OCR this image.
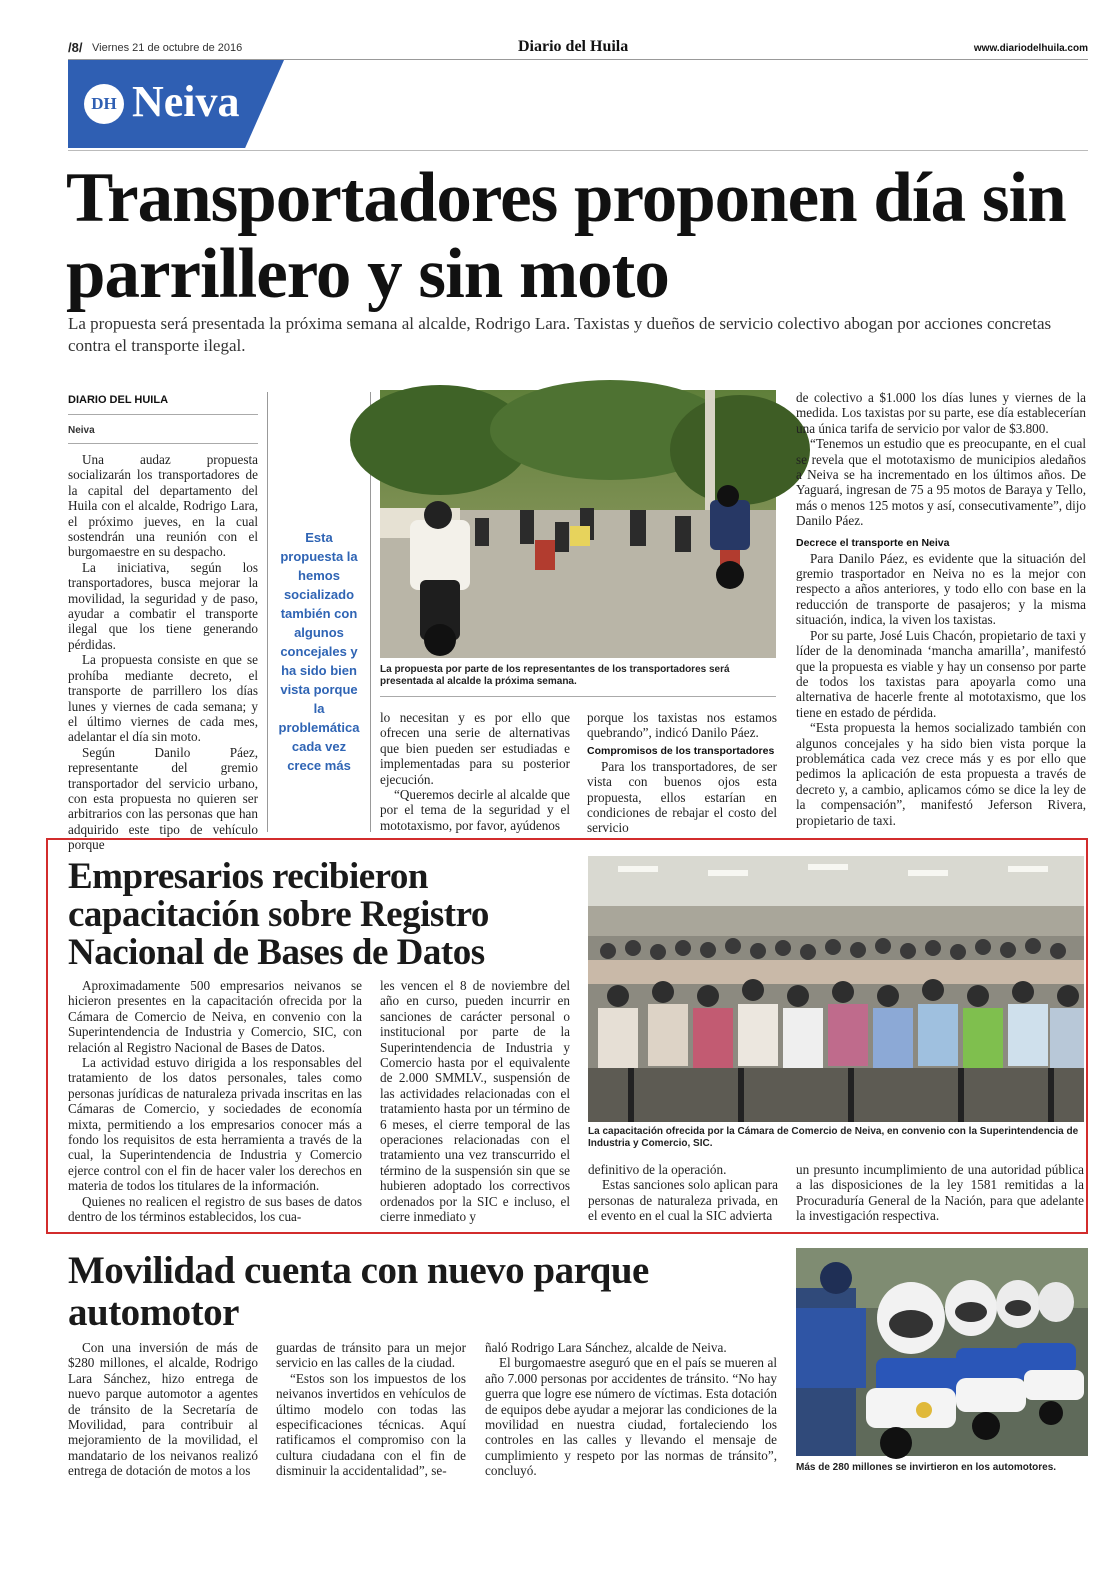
/8/ Viernes 21 de octubre de 2016	Diario del Huila	www.diariodelhuila.com
DH Neiva
Transportadores proponen día sin parrillero y sin moto
La propuesta será presentada la próxima semana al alcalde, Rodrigo Lara. Taxistas y dueños de servicio colectivo abogan por acciones concretas contra el transporte ilegal.
DIARIO DEL HUILA
Neiva

Una audaz propuesta socializarán los transportadores de la capital del departamento del Huila con el alcalde, Rodrigo Lara, el próximo jueves, en la cual sostendrán una reunión con el burgomaestre en su despacho.

La iniciativa, según los transportadores, busca mejorar la movilidad, la seguridad y de paso, ayudar a combatir el transporte ilegal que los tiene generando pérdidas.

La propuesta consiste en que se prohíba mediante decreto, el transporte de parrillero los días lunes y viernes de cada semana; y el último viernes de cada mes, adelantar el día sin moto.

Según Danilo Páez, representante del gremio transportador del servicio urbano, con esta propuesta no quieren ser arbitrarios con las personas que han adquirido este tipo de vehículo porque

Esta propuesta la hemos socializado también con algunos concejales y ha sido bien vista porque la problemática cada vez crece más
La propuesta por parte de los representantes de los transportadores será presentada al alcalde la próxima semana.

lo necesitan y es por ello que ofrecen una serie de alternativas que bien pueden ser estudiadas e implementadas para su posterior ejecución.

“Queremos decirle al alcalde que por el tema de la seguridad y el mototaxismo, por favor, ayúdenos

porque los taxistas nos estamos quebrando”, indicó Danilo Páez.

Compromisos de los transportadores

Para los transportadores, de ser vista con buenos ojos esta propuesta, ellos estarían en condiciones de rebajar el costo del servicio

de colectivo a $1.000 los días lunes y viernes de la medida. Los taxistas por su parte, ese día establecerían una única tarifa de servicio por valor de $3.800.

“Tenemos un estudio que es preocupante, en el cual se revela que el mototaxismo de municipios aledaños a Neiva se ha incrementado en los últimos años. De Yaguará, ingresan de 75 a 95 motos de Baraya y Tello, más o menos 125 motos y así, consecutivamente”, dijo Danilo Páez.

Decrece el transporte en Neiva

Para Danilo Páez, es evidente que la situación del gremio trasportador en Neiva no es la mejor con respecto a años anteriores, y todo ello con base en la reducción de transporte de pasajeros; y la misma situación, indica, la viven los taxistas.

Por su parte, José Luis Chacón, propietario de taxi y líder de la denominada ‘mancha amarilla’, manifestó que la propuesta es viable y hay un consenso por parte de todos los taxistas para apoyarla como una alternativa de hacerle frente al mototaxismo, que los tiene en estado de pérdida.

“Esta propuesta la hemos socializado también con algunos concejales y ha sido bien vista porque la problemática cada vez crece más y es por ello que pedimos la aplicación de esta propuesta a través de decreto y, a cambio, aplicamos cómo se dice la ley de la compensación”, manifestó Jeferson Rivera, propietario de taxi.

Empresarios recibieron capacitación sobre Registro Nacional de Bases de Datos

Aproximadamente 500 empresarios neivanos se hicieron presentes en la capacitación ofrecida por la Cámara de Comercio de Neiva, en convenio con la Superintendencia de Industria y Comercio, SIC, con relación al Registro Nacional de Bases de Datos.

La actividad estuvo dirigida a los responsables del tratamiento de los datos personales, tales como personas jurídicas de naturaleza privada inscritas en las Cámaras de Comercio, y sociedades de economía mixta, permitiendo a los empresarios conocer más a fondo los requisitos de esta herramienta a través de la cual, la Superintendencia de Industria y Comercio ejerce control con el fin de hacer valer los derechos en materia de todos los titulares de la información.

Quienes no realicen el registro de sus bases de datos dentro de los términos establecidos, los cua-

les vencen el 8 de noviembre del año en curso, pueden incurrir en sanciones de carácter personal o institucional por parte de la Superintendencia de Industria y Comercio hasta por el equivalente de 2.000 SMMLV., suspensión de las actividades relacionadas con el tratamiento hasta por un término de 6 meses, el cierre temporal de las operaciones relacionadas con el tratamiento una vez transcurrido el término de la suspensión sin que se hubieren adoptado los correctivos ordenados por la SIC e incluso, el cierre inmediato y

La capacitación ofrecida por la Cámara de Comercio de Neiva, en convenio con la Superintendencia de Industria y Comercio, SIC.

definitivo de la operación.

Estas sanciones solo aplican para personas de naturaleza privada, en el evento en el cual la SIC advierta

un presunto incumplimiento de una autoridad pública a las disposiciones de la ley 1581 remitidas a la Procuraduría General de la Nación, para que adelante la investigación respectiva.

Movilidad cuenta con nuevo parque automotor

Con una inversión de más de $280 millones, el alcalde, Rodrigo Lara Sánchez, hizo entrega de nuevo parque automotor a agentes de tránsito de la Secretaría de Movilidad, para contribuir al mejoramiento de la movilidad, el mandatario de los neivanos realizó entrega de dotación de motos a los

guardas de tránsito para un mejor servicio en las calles de la ciudad.

“Estos son los impuestos de los neivanos invertidos en vehículos de último modelo con todas las especificaciones técnicas. Aquí ratificamos el compromiso con la cultura ciudadana con el fin de disminuir la accidentalidad”, se-

ñaló Rodrigo Lara Sánchez, alcalde de Neiva.

El burgomaestre aseguró que en el país se mueren al año 7.000 personas por accidentes de tránsito. “No hay guerra que logre ese número de víctimas. Esta dotación de equipos debe ayudar a mejorar las condiciones de la movilidad en nuestra ciudad, fortaleciendo los controles en las calles y llevando el mensaje de cumplimiento y respeto por las normas de tránsito”, concluyó.	Más de 280 millones se invirtieron en los automotores.
